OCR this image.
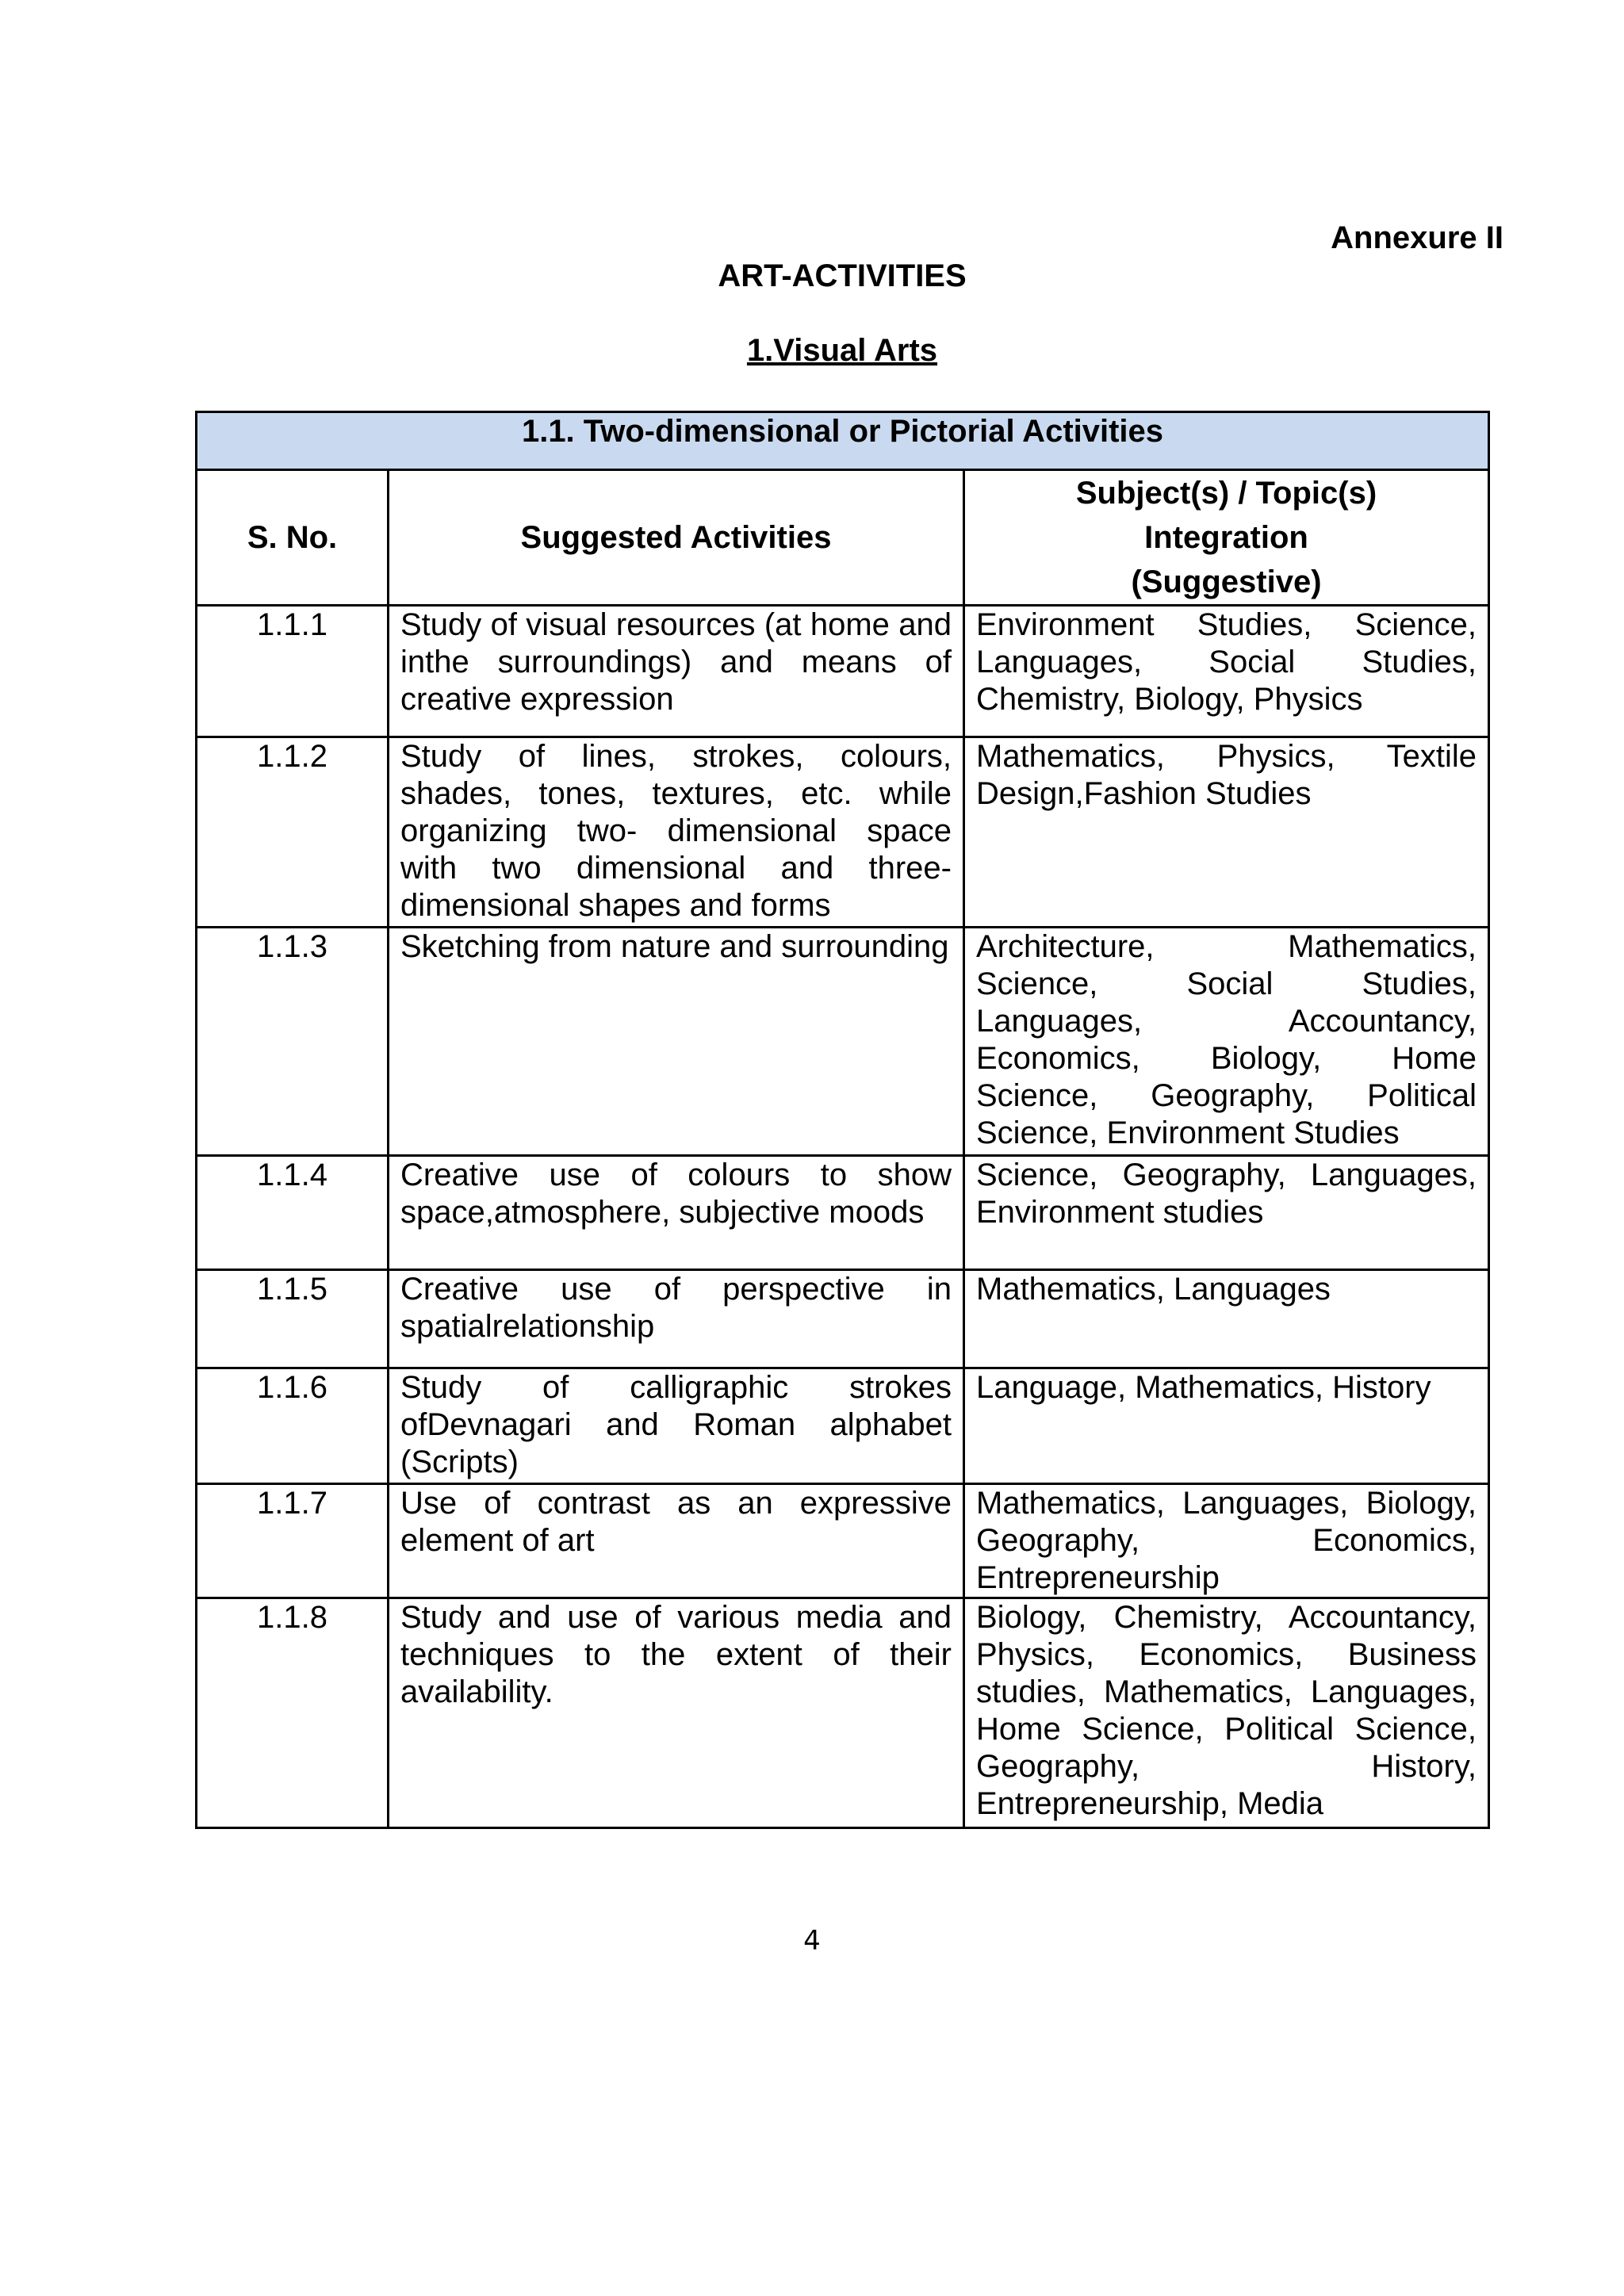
Annexure II
ART-ACTIVITIES
1.Visual Arts
1.1. Two-dimensional or Pictorial Activities		
S. No.	Suggested Activities	Subject(s) / Topic(s)
Integration
(Suggestive)

1.1.1	Study of visual resources (at home and inthe surroundings) and means of creative expression	Environment Studies, Science, Languages, Social Studies, Chemistry, Biology, Physics
1.1.2	Study of lines, strokes, colours, shades, tones, textures, etc. while organizing two- dimensional space with two dimensional and three-dimensional shapes and forms	Mathematics, Physics, Textile Design,Fashion Studies
1.1.3	Sketching from nature and surrounding	Architecture, Mathematics, Science, Social Studies, Languages, Accountancy, Economics, Biology, Home Science, Geography, Political Science, Environment Studies
1.1.4	Creative use of colours to show space,atmosphere, subjective moods	Science, Geography, Languages, Environment studies
1.1.5	Creative use of perspective in spatialrelationship	Mathematics, Languages
1.1.6	Study of calligraphic strokes ofDevnagari and Roman alphabet (Scripts)	Language, Mathematics, History
1.1.7	Use of contrast as an expressive element of art	Mathematics, Languages, Biology, Geography, Economics, Entrepreneurship
1.1.8	Study and use of various media and techniques to the extent of their availability.	Biology, Chemistry, Accountancy, Physics, Economics, Business studies, Mathematics, Languages, Home Science, Political Science, Geography, History, Entrepreneurship, Media
4
